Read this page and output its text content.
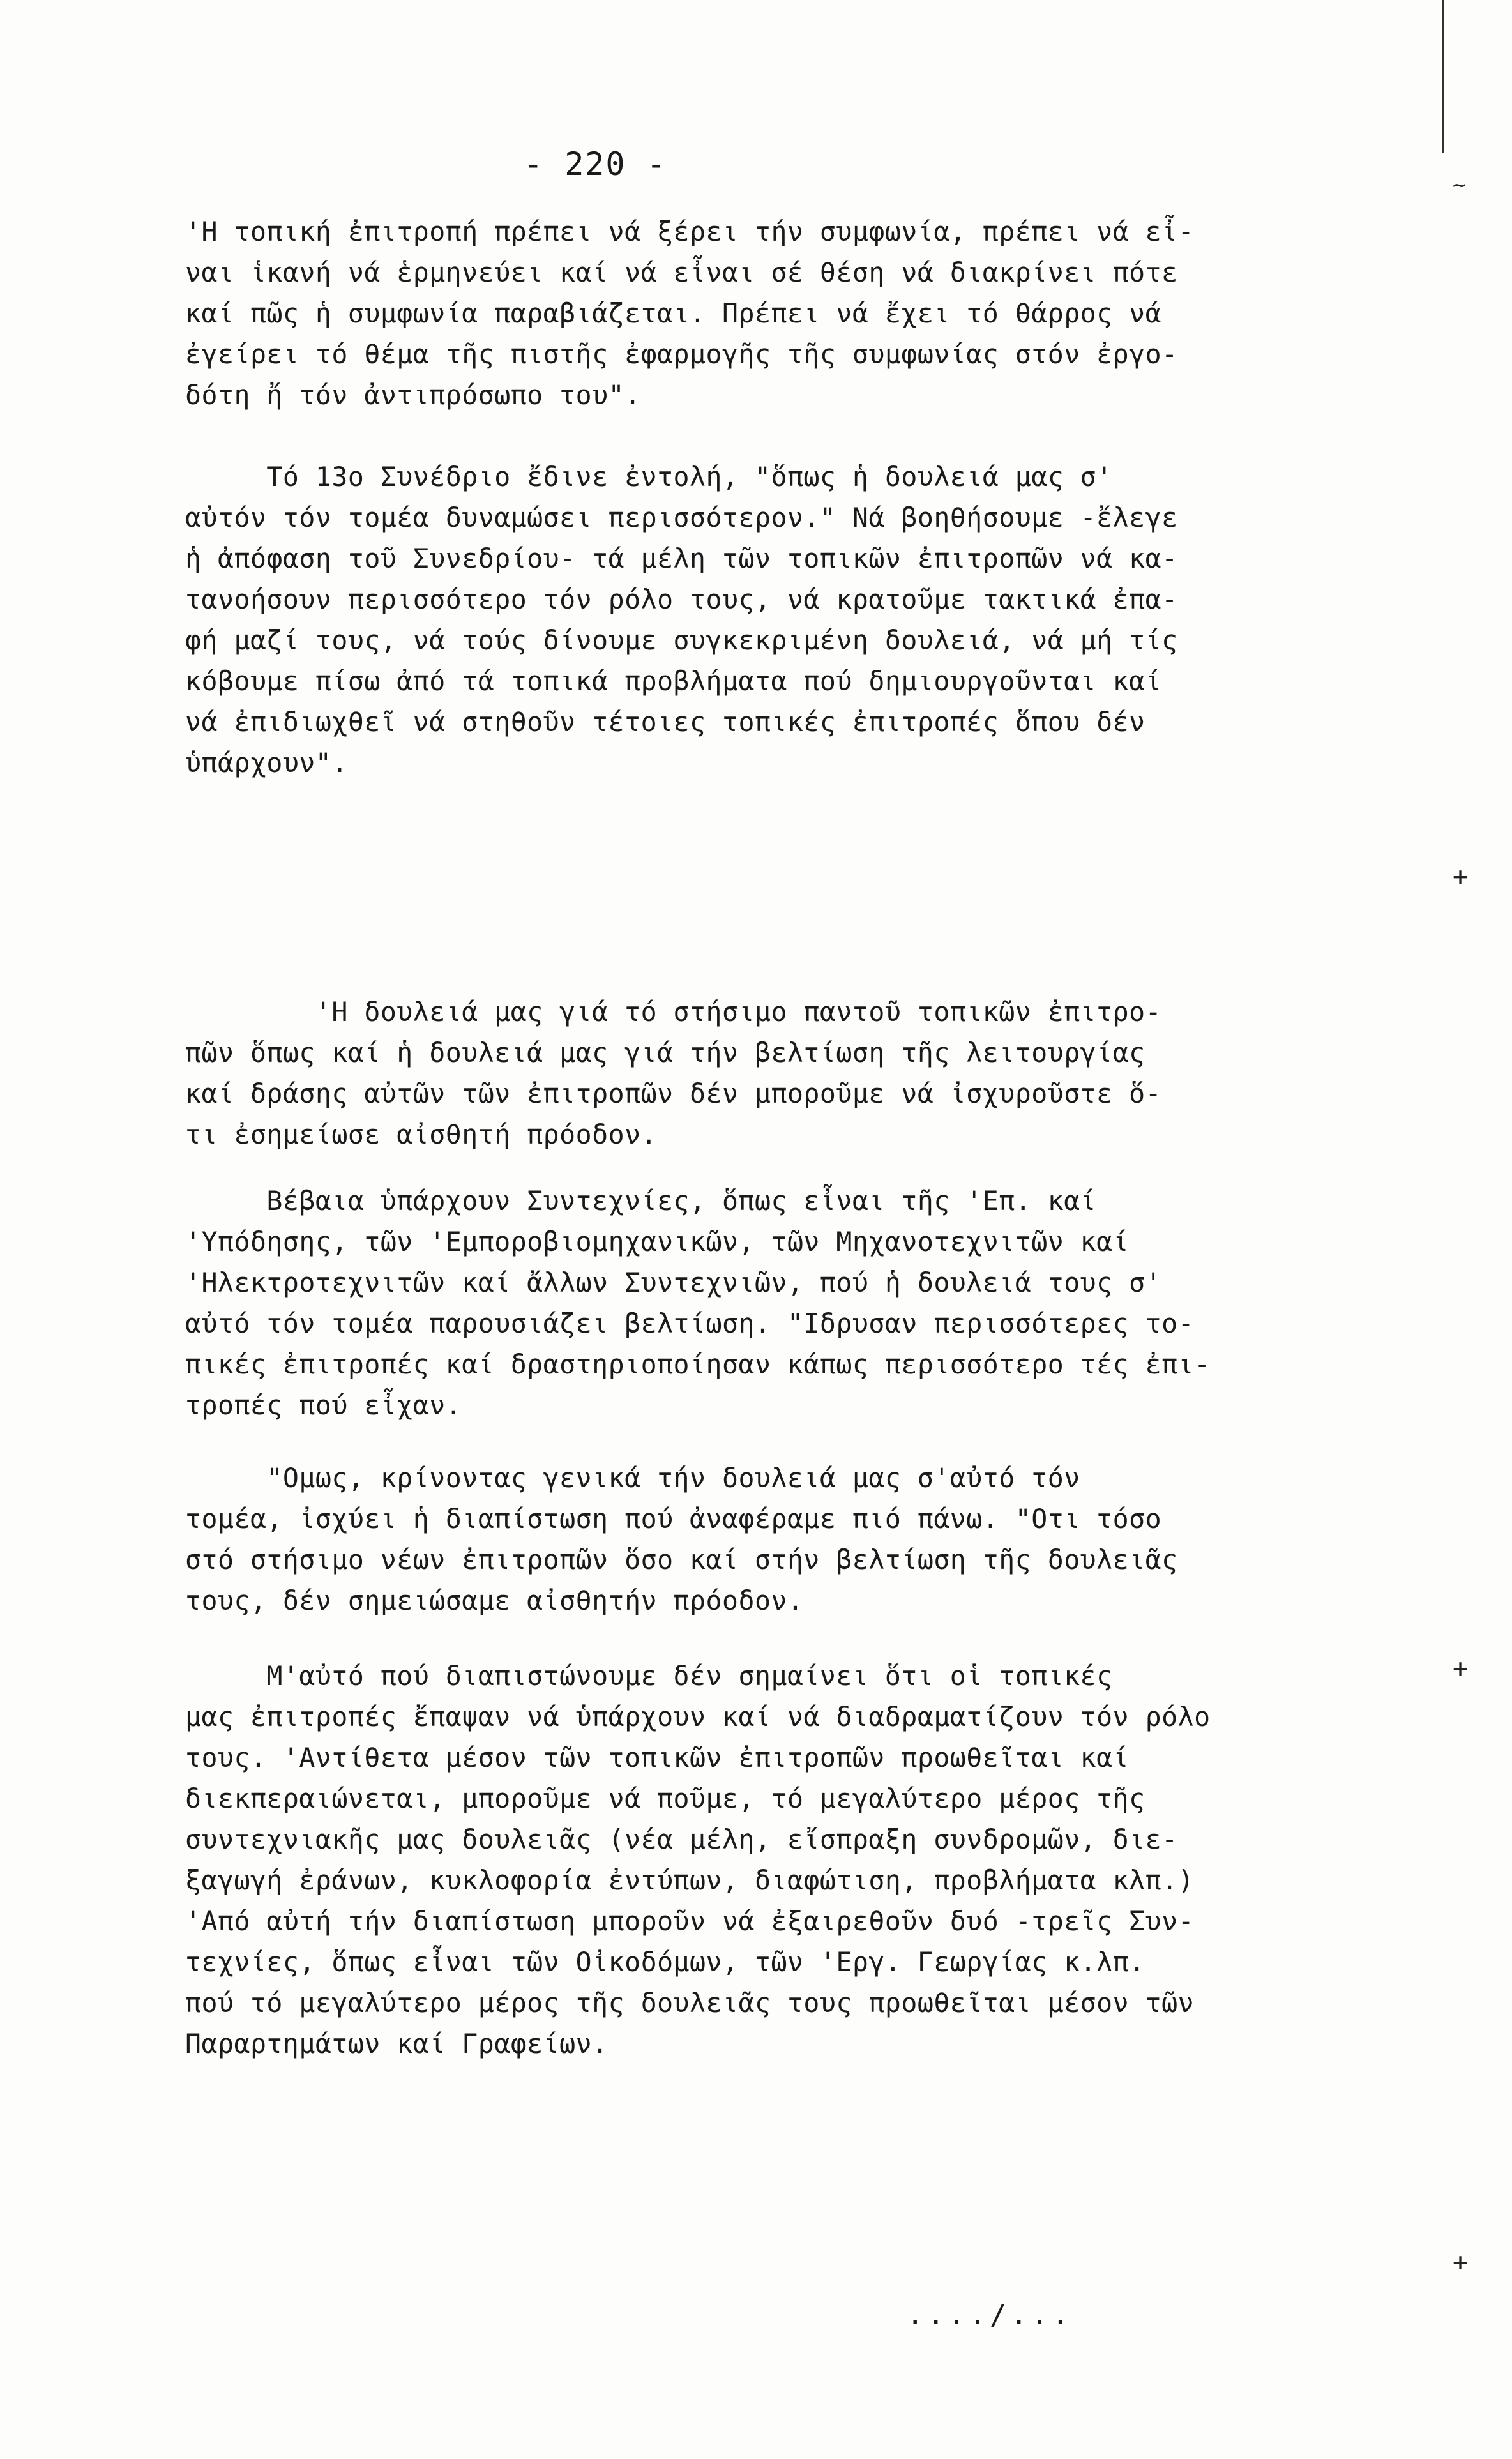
- 220 -
'Η τοπική ἐπιτροπή πρέπει νά ξέρει τήν συμφωνία, πρέπει νά εἶ-
ναι ἱκανή νά ἑρμηνεύει καί νά εἶναι σέ θέση νά διακρίνει πότε
καί πῶς ἡ συμφωνία παραβιάζεται. Πρέπει νά ἔχει τό θάρρος νά
ἐγείρει τό θέμα τῆς πιστῆς ἐφαρμογῆς τῆς συμφωνίας στόν ἐργο-
δότη ἤ τόν ἀντιπρόσωπο του".
Τό 13ο Συνέδριο ἔδινε ἐντολή, "ὅπως ἡ δουλειά μας σ'
αὐτόν τόν τομέα δυναμώσει περισσότερον." Νά βοηθήσουμε -ἔλεγε
ἡ ἀπόφαση τοῦ Συνεδρίου- τά μέλη τῶν τοπικῶν ἐπιτροπῶν νά κα-
τανοήσουν περισσότερο τόν ρόλο τους, νά κρατοῦμε τακτικά ἐπα-
φή μαζί τους, νά τούς δίνουμε συγκεκριμένη δουλειά, νά μή τίς
κόβουμε πίσω ἀπό τά τοπικά προβλήματα πού δημιουργοῦνται καί
νά ἐπιδιωχθεῖ νά στηθοῦν τέτοιες τοπικές ἐπιτροπές ὅπου δέν
ὑπάρχουν".
'Η δουλειά μας γιά τό στήσιμο παντοῦ τοπικῶν ἐπιτρο-
πῶν ὅπως καί ἡ δουλειά μας γιά τήν βελτίωση τῆς λειτουργίας
καί δράσης αὐτῶν τῶν ἐπιτροπῶν δέν μποροῦμε νά ἰσχυροῦστε ὅ-
τι ἐσημείωσε αἰσθητή πρόοδον.
Βέβαια ὑπάρχουν Συντεχνίες, ὅπως εἶναι τῆς 'Επ. καί
'Υπόδησης, τῶν 'Εμποροβιομηχανικῶν, τῶν Μηχανοτεχνιτῶν καί
'Ηλεκτροτεχνιτῶν καί ἄλλων Συντεχνιῶν, πού ἡ δουλειά τους σ'
αὐτό τόν τομέα παρουσιάζει βελτίωση. "Ιδρυσαν περισσότερες το-
πικές ἐπιτροπές καί δραστηριοποίησαν κάπως περισσότερο τές ἐπι-
τροπές πού εἶχαν.
"Ομως, κρίνοντας γενικά τήν δουλειά μας σ'αὐτό τόν
τομέα, ἰσχύει ἡ διαπίστωση πού ἀναφέραμε πιό πάνω. "Οτι τόσο
στό στήσιμο νέων ἐπιτροπῶν ὅσο καί στήν βελτίωση τῆς δουλειᾶς
τους, δέν σημειώσαμε αἰσθητήν πρόοδον.
Μ'αὐτό πού διαπιστώνουμε δέν σημαίνει ὅτι οἱ τοπικές
μας ἐπιτροπές ἔπαψαν νά ὑπάρχουν καί νά διαδραματίζουν τόν ρόλο
τους. 'Αντίθετα μέσον τῶν τοπικῶν ἐπιτροπῶν προωθεῖται καί
διεκπεραιώνεται, μποροῦμε νά ποῦμε, τό μεγαλύτερο μέρος τῆς
συντεχνιακῆς μας δουλειᾶς (νέα μέλη, εἴσπραξη συνδρομῶν, διε-
ξαγωγή ἐράνων, κυκλοφορία ἐντύπων, διαφώτιση, προβλήματα κλπ.)
'Από αὐτή τήν διαπίστωση μποροῦν νά ἐξαιρεθοῦν δυό -τρεῖς Συν-
τεχνίες, ὅπως εἶναι τῶν Οἰκοδόμων, τῶν 'Εργ. Γεωργίας κ.λπ.
πού τό μεγαλύτερο μέρος τῆς δουλειᾶς τους προωθεῖται μέσον τῶν
Παραρτημάτων καί Γραφείων.
..../...
+
+
+
~
